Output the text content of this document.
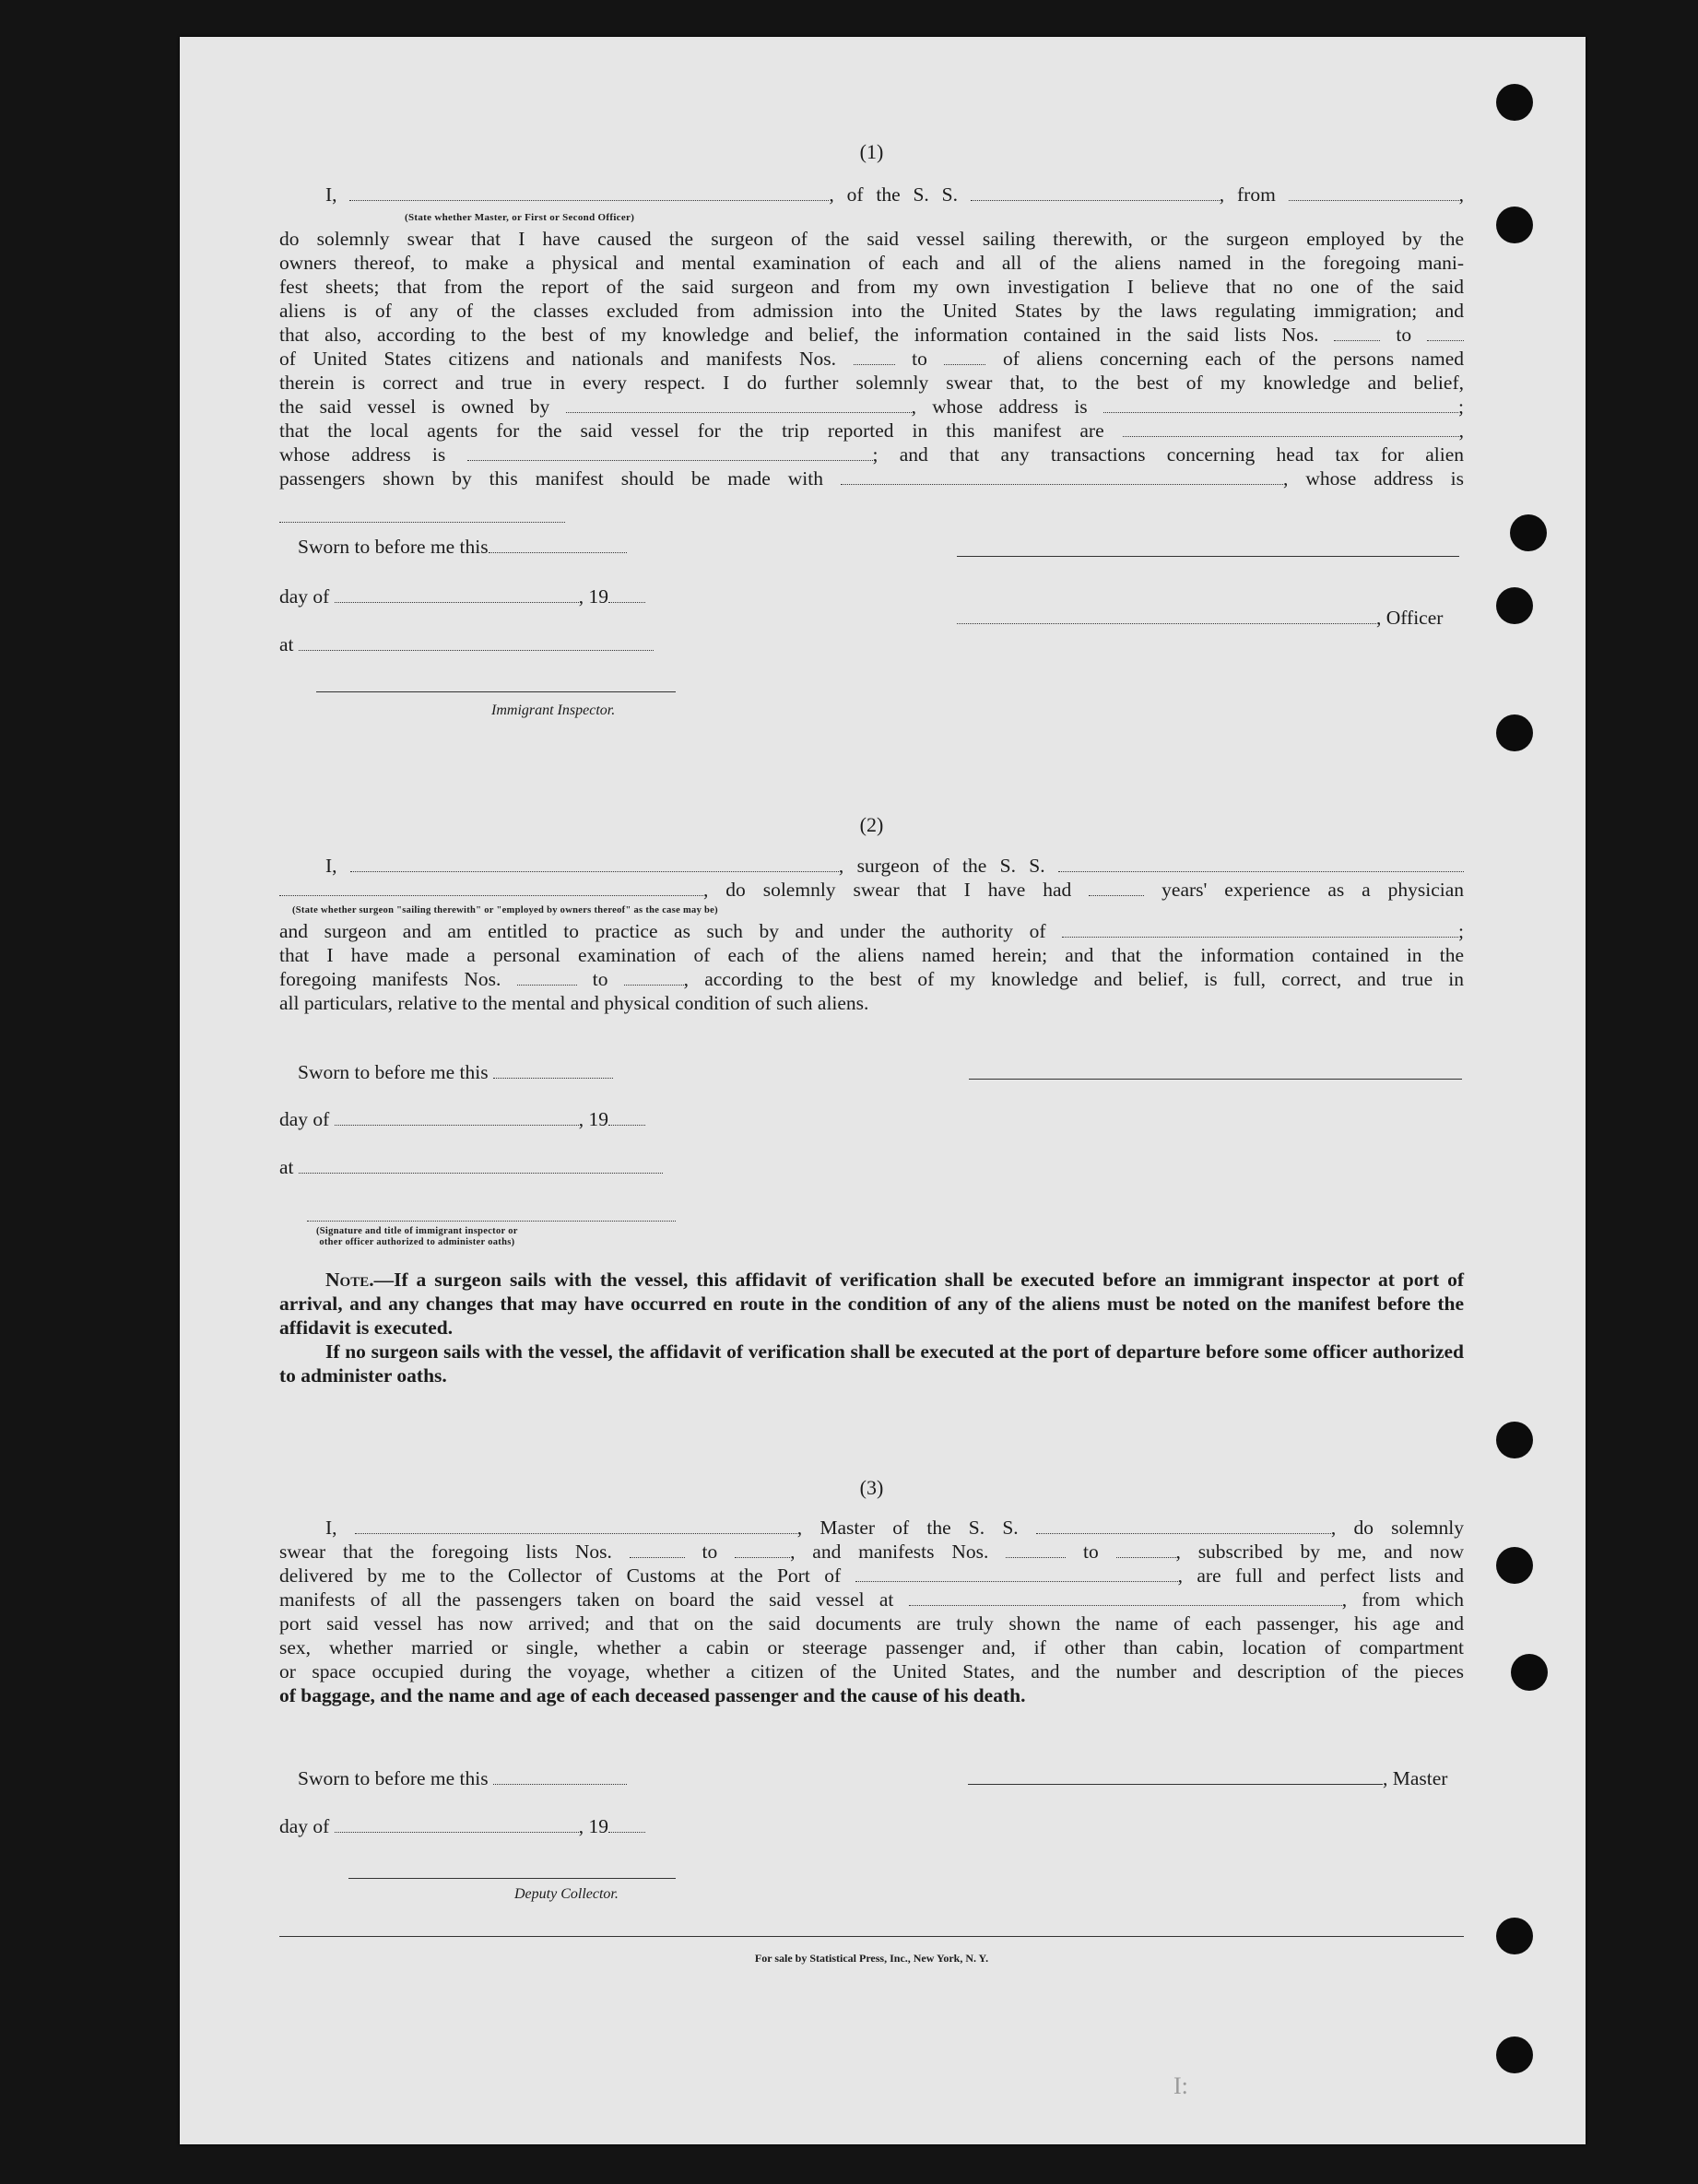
(1)
I,	, of the S. S.	, from	,
(State whether Master, or First or Second Officer)
do solemnly swear that I have caused the surgeon of the said vessel sailing therewith, or the surgeon employed by the
owners thereof, to make a physical and mental examination of each and all of the aliens named in the foregoing mani-
fest sheets; that from the report of the said surgeon and from my own investigation I believe that no one of the said
aliens is of any of the classes excluded from admission into the United States by the laws regulating immigration; and
that also, according to the best of my knowledge and belief, the information contained in the said lists Nos.	to
of United States citizens and nationals and manifests Nos.	to	of aliens concerning each of the persons named
therein is correct and true in every respect. I do further solemnly swear that, to the best of my knowledge and belief,
the said vessel is owned by	, whose address is	;
that the local agents for the said vessel for the trip reported in this manifest are	,
whose address is	; and that any transactions concerning head tax for alien
passengers shown by this manifest should be made with	, whose address is
Sworn to before me this
day of	, 19
at
Immigrant Inspector.
, Officer
(2)
I,	, surgeon of the S. S.
, do solemnly swear that I have had	years' experience as a physician
(State whether surgeon "sailing therewith" or "employed by owners thereof" as the case may be)
and surgeon and am entitled to practice as such by and under the authority of	;
that I have made a personal examination of each of the aliens named herein; and that the information contained in the
foregoing manifests Nos.	to	, according to the best of my knowledge and belief, is full, correct, and true in
all particulars, relative to the mental and physical condition of such aliens.
Sworn to before me this
day of	, 19
at
(Signature and title of immigrant inspector or
other officer authorized to administer oaths)
Note.—If a surgeon sails with the vessel, this affidavit of verification shall be executed before an immigrant inspector at port of arrival, and any changes that may have occurred en route in the condition of any of the aliens must be noted on the manifest before the affidavit is executed.
If no surgeon sails with the vessel, the affidavit of verification shall be executed at the port of departure before some officer authorized to administer oaths.
(3)
I,	, Master of the S. S.	, do solemnly
swear that the foregoing lists Nos.	to	, and manifests Nos.	to	, subscribed by me, and now
delivered by me to the Collector of Customs at the Port of	, are full and perfect lists and
manifests of all the passengers taken on board the said vessel at	, from which
port said vessel has now arrived; and that on the said documents are truly shown the name of each passenger, his age and
sex, whether married or single, whether a cabin or steerage passenger and, if other than cabin, location of compartment
or space occupied during the voyage, whether a citizen of the United States, and the number and description of the pieces
of baggage, and the name and age of each deceased passenger and the cause of his death.
Sworn to before me this
day of	, 19
Deputy Collector.
, Master
For sale by Statistical Press, Inc., New York, N. Y.
I:
